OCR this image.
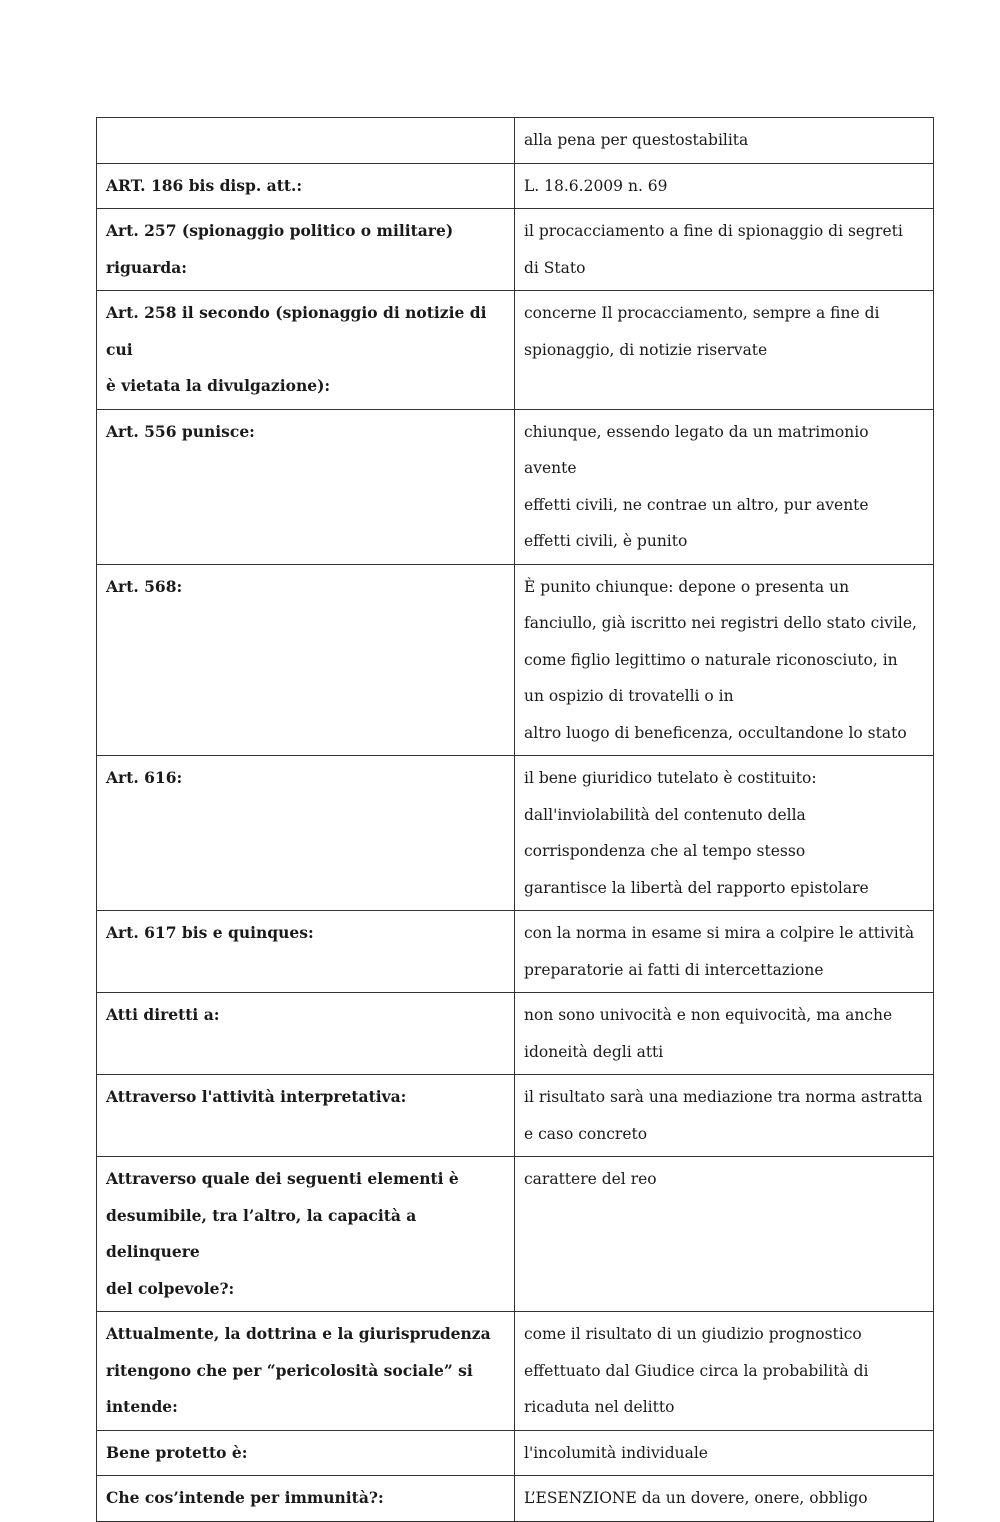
	alla pena per questostabilita

ART. 186 bis disp. att.:	L. 18.6.2009 n. 69

Art. 257 (spionaggio politico o militare)
riguarda:	il procacciamento a fine di spionaggio di segreti
di Stato

Art. 258 il secondo (spionaggio di notizie di cui
è vietata la divulgazione):	concerne Il procacciamento, sempre a fine di
spionaggio, di notizie riservate

Art. 556 punisce:	chiunque, essendo legato da un matrimonio
avente
effetti civili, ne contrae un altro, pur avente
effetti civili, è punito

Art. 568:	È punito chiunque: depone o presenta un
fanciullo, già iscritto nei registri dello stato civile,
come figlio legittimo o naturale riconosciuto, in
un ospizio di trovatelli o in
altro luogo di beneficenza, occultandone lo stato

Art. 616:	il bene giuridico tutelato è costituito:
dall'inviolabilità del contenuto della
corrispondenza che al tempo stesso
garantisce la libertà del rapporto epistolare

Art. 617 bis e quinques:	con la norma in esame si mira a colpire le attività
preparatorie ai fatti di intercettazione

Atti diretti a:	non sono univocità e non equivocità, ma anche
idoneità degli atti

Attraverso l'attività interpretativa:	il risultato sarà una mediazione tra norma astratta
e caso concreto

Attraverso quale dei seguenti elementi è
desumibile, tra l’altro, la capacità a delinquere
del colpevole?:	carattere del reo

Attualmente, la dottrina e la giurisprudenza
ritengono che per “pericolosità sociale” si
intende:	come il risultato di un giudizio prognostico
effettuato dal Giudice circa la probabilità di
ricaduta nel delitto

Bene protetto è:	l'incolumità individuale

Che cos’intende per immunità?:	L’ESENZIONE da un dovere, onere, obbligo
